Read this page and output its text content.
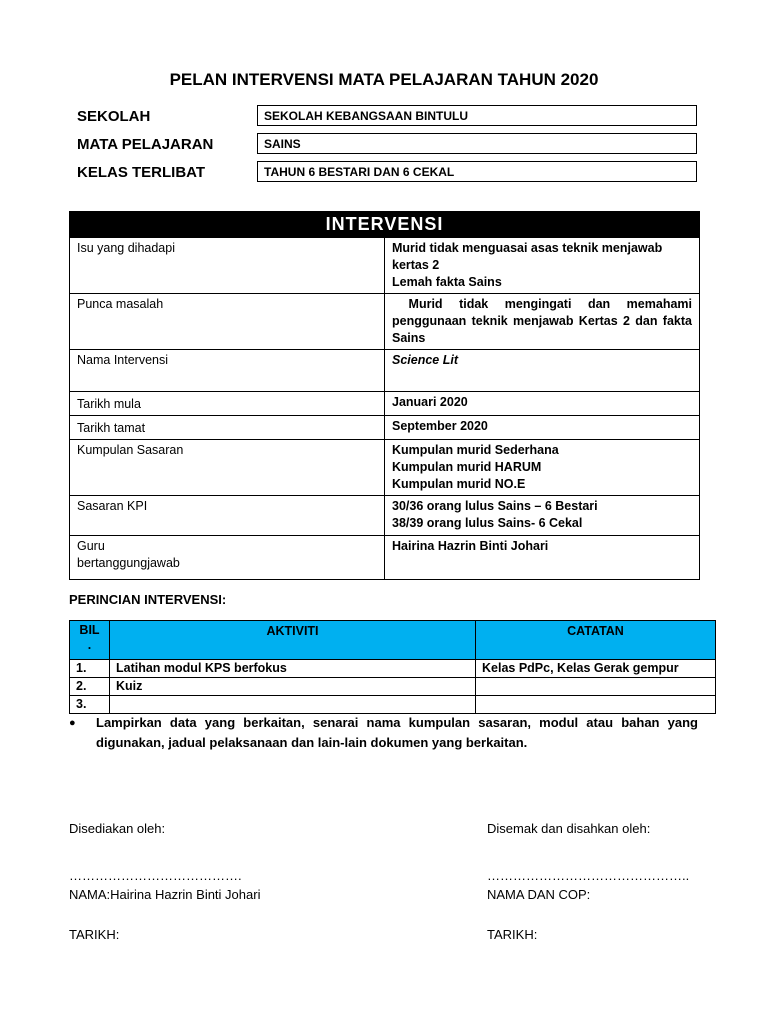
PELAN INTERVENSI MATA PELAJARAN TAHUN 2020
SEKOLAH	SEKOLAH KEBANGSAAN BINTULU
MATA PELAJARAN	SAINS
KELAS TERLIBAT	TAHUN 6 BESTARI DAN 6 CEKAL
INTERVENSI	
Isu yang dihadapi	Murid tidak menguasai asas teknik menjawab kertas 2
Lemah fakta Sains

Punca masalah	Murid tidak mengingati dan memahami penggunaan teknik menjawab Kertas 2 dan fakta Sains
Nama Intervensi	Science Lit
Tarikh mula	Januari 2020
Tarikh tamat	September 2020
Kumpulan Sasaran	Kumpulan murid Sederhana
Kumpulan murid HARUM
Kumpulan murid NO.E

Sasaran KPI	30/36 orang lulus Sains – 6 Bestari
38/39 orang lulus Sains- 6 Cekal

Guru
bertanggungjawab	Hairina Hazrin Binti Johari
PERINCIAN INTERVENSI:
BIL
.	AKTIVITI	CATATAN
1.	Latihan modul KPS berfokus	Kelas PdPc, Kelas Gerak gempur
2.	Kuiz	
3.		
● Lampirkan data yang berkaitan, senarai nama kumpulan sasaran, modul atau bahan yang digunakan, jadual pelaksanaan dan lain-lain dokumen yang berkaitan.
Disediakan oleh:
………………………………….
NAMA:Hairina Hazrin Binti Johari
TARIKH:
Disemak dan disahkan oleh:
………………………………………..
NAMA DAN COP:
TARIKH:
